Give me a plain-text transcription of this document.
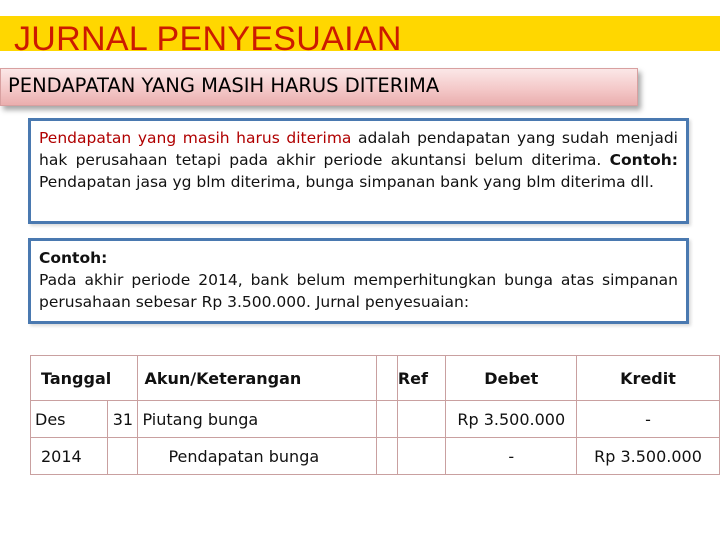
JURNAL PENYESUAIAN
PENDAPATAN YANG MASIH HARUS DITERIMA
Pendapatan yang masih harus diterima adalah pendapatan yang sudah menjadi hak perusahaan tetapi pada akhir periode akuntansi belum diterima. Contoh: Pendapatan jasa yg blm diterima, bunga simpanan bank yang blm diterima dll.
Contoh:
Pada akhir periode 2014, bank belum memperhitungkan bunga atas simpanan perusahaan sebesar Rp 3.500.000. Jurnal penyesuaian:
Tanggal		Akun/Keterangan		Ref	Debet	Kredit
Des	31	Piutang bunga			Rp 3.500.000	-
2014		Pendapatan bunga			-	Rp 3.500.000
